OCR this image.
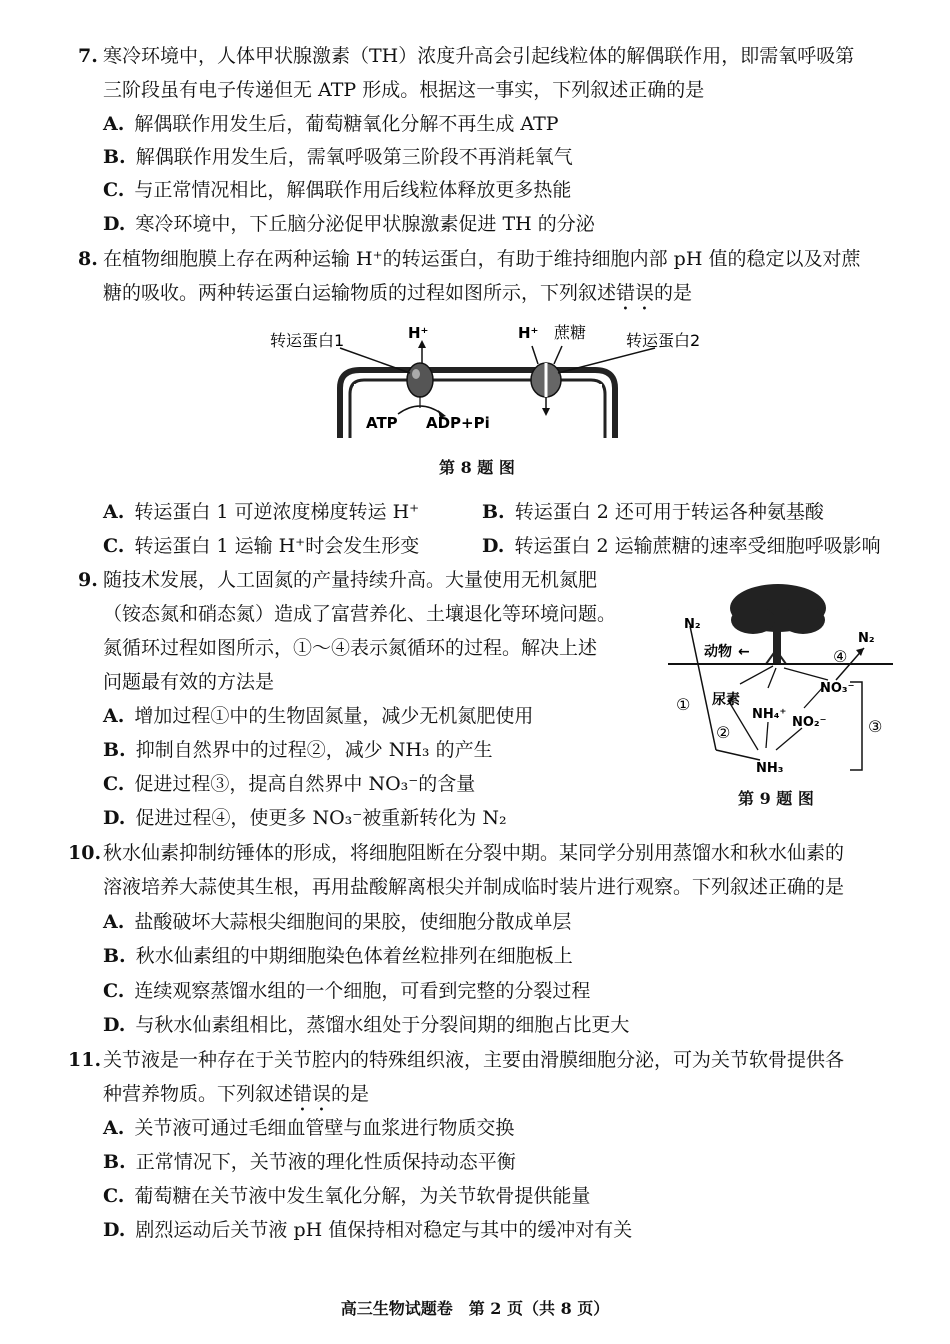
7. 寒冷环境中，人体甲状腺激素（TH）浓度升高会引起线粒体的解偶联作用，即需氧呼吸第
三阶段虽有电子传递但无 ATP 形成。根据这一事实，下列叙述正确的是
A. 解偶联作用发生后，葡萄糖氧化分解不再生成 ATP
B. 解偶联作用发生后，需氧呼吸第三阶段不再消耗氧气
C. 与正常情况相比，解偶联作用后线粒体释放更多热能
D. 寒冷环境中，下丘脑分泌促甲状腺激素促进 TH 的分泌
8. 在植物细胞膜上存在两种运输 H⁺的转运蛋白，有助于维持细胞内部 pH 值的稳定以及对蔗
糖的吸收。两种转运蛋白运输物质的过程如图所示，下列叙述错误的是
转运蛋白1	H⁺	H⁺ 蔗糖 转运蛋白2
ATP ADP+Pi
第 8 题 图
A. 转运蛋白 1 可逆浓度梯度转运 H⁺	B. 转运蛋白 2 还可用于转运各种氨基酸
C. 转运蛋白 1 运输 H⁺时会发生形变	D. 转运蛋白 2 运输蔗糖的速率受细胞呼吸影响
9. 随技术发展，人工固氮的产量持续升高。大量使用无机氮肥
（铵态氮和硝态氮）造成了富营养化、土壤退化等环境问题。
氮循环过程如图所示，①～④表示氮循环的过程。解决上述
问题最有效的方法是
N₂
N₂
动物 ←
①
②	③
④
尿素
NH₄⁺
NO₃⁻
NO₂⁻
NH₃
第 9 题 图
A. 增加过程①中的生物固氮量，减少无机氮肥使用
B. 抑制自然界中的过程②，减少 NH₃ 的产生
C. 促进过程③，提高自然界中 NO₃⁻的含量
D. 促进过程④，使更多 NO₃⁻被重新转化为 N₂
10. 秋水仙素抑制纺锤体的形成，将细胞阻断在分裂中期。某同学分别用蒸馏水和秋水仙素的
溶液培养大蒜使其生根，再用盐酸解离根尖并制成临时装片进行观察。下列叙述正确的是
A. 盐酸破坏大蒜根尖细胞间的果胶，使细胞分散成单层
B. 秋水仙素组的中期细胞染色体着丝粒排列在细胞板上
C. 连续观察蒸馏水组的一个细胞，可看到完整的分裂过程
D. 与秋水仙素组相比，蒸馏水组处于分裂间期的细胞占比更大
11. 关节液是一种存在于关节腔内的特殊组织液，主要由滑膜细胞分泌，可为关节软骨提供各
种营养物质。下列叙述错误的是
A. 关节液可通过毛细血管壁与血浆进行物质交换
B. 正常情况下，关节液的理化性质保持动态平衡
C. 葡萄糖在关节液中发生氧化分解，为关节软骨提供能量
D. 剧烈运动后关节液 pH 值保持相对稳定与其中的缓冲对有关
高三生物试题卷　第 2 页（共 8 页）
